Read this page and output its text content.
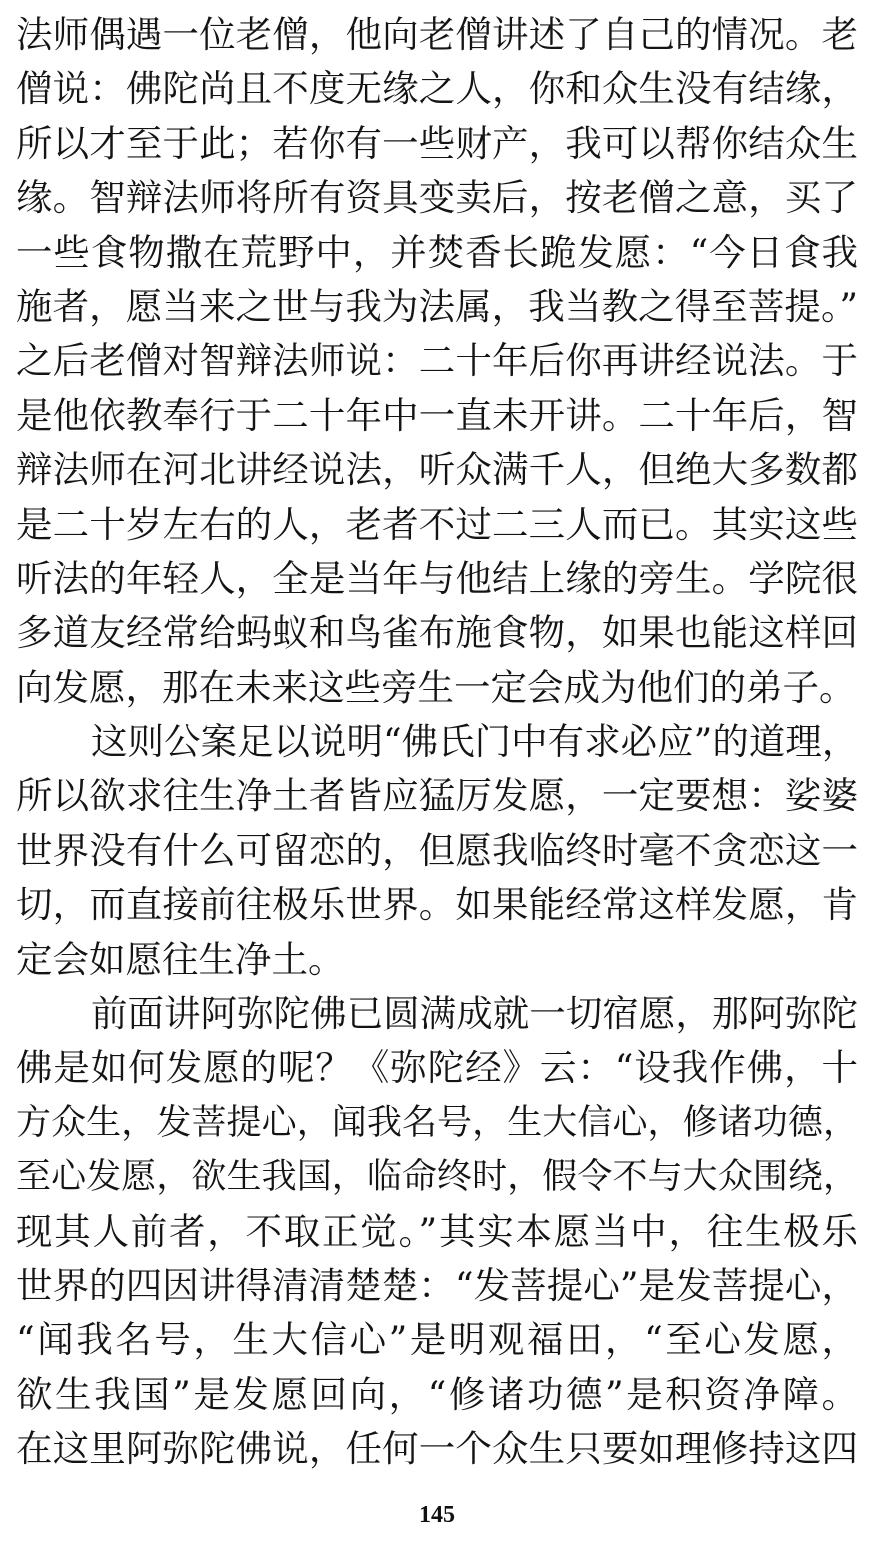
法师偶遇一位老僧，他向老僧讲述了自己的情况。老
僧说：佛陀尚且不度无缘之人，你和众生没有结缘，
所以才至于此；若你有一些财产，我可以帮你结众生
缘。智辩法师将所有资具变卖后，按老僧之意，买了
一些食物撒在荒野中，并焚香长跪发愿：“今日食我
施者，愿当来之世与我为法属，我当教之得至菩提。”
之后老僧对智辩法师说：二十年后你再讲经说法。于
是他依教奉行于二十年中一直未开讲。二十年后，智
辩法师在河北讲经说法，听众满千人，但绝大多数都
是二十岁左右的人，老者不过二三人而已。其实这些
听法的年轻人，全是当年与他结上缘的旁生。学院很
多道友经常给蚂蚁和鸟雀布施食物，如果也能这样回
向发愿，那在未来这些旁生一定会成为他们的弟子。
这则公案足以说明“佛氏门中有求必应”的道理，
所以欲求往生净土者皆应猛厉发愿，一定要想：娑婆
世界没有什么可留恋的，但愿我临终时毫不贪恋这一
切，而直接前往极乐世界。如果能经常这样发愿，肯
定会如愿往生净土。
前面讲阿弥陀佛已圆满成就一切宿愿，那阿弥陀
佛是如何发愿的呢？《弥陀经》云：“设我作佛，十
方众生，发菩提心，闻我名号，生大信心，修诸功德，
至心发愿，欲生我国，临命终时，假令不与大众围绕，
现其人前者，不取正觉。”其实本愿当中，往生极乐
世界的四因讲得清清楚楚：“发菩提心”是发菩提心，
“闻我名号，生大信心”是明观福田，“至心发愿，
欲生我国”是发愿回向，“修诸功德”是积资净障。
在这里阿弥陀佛说，任何一个众生只要如理修持这四
145
